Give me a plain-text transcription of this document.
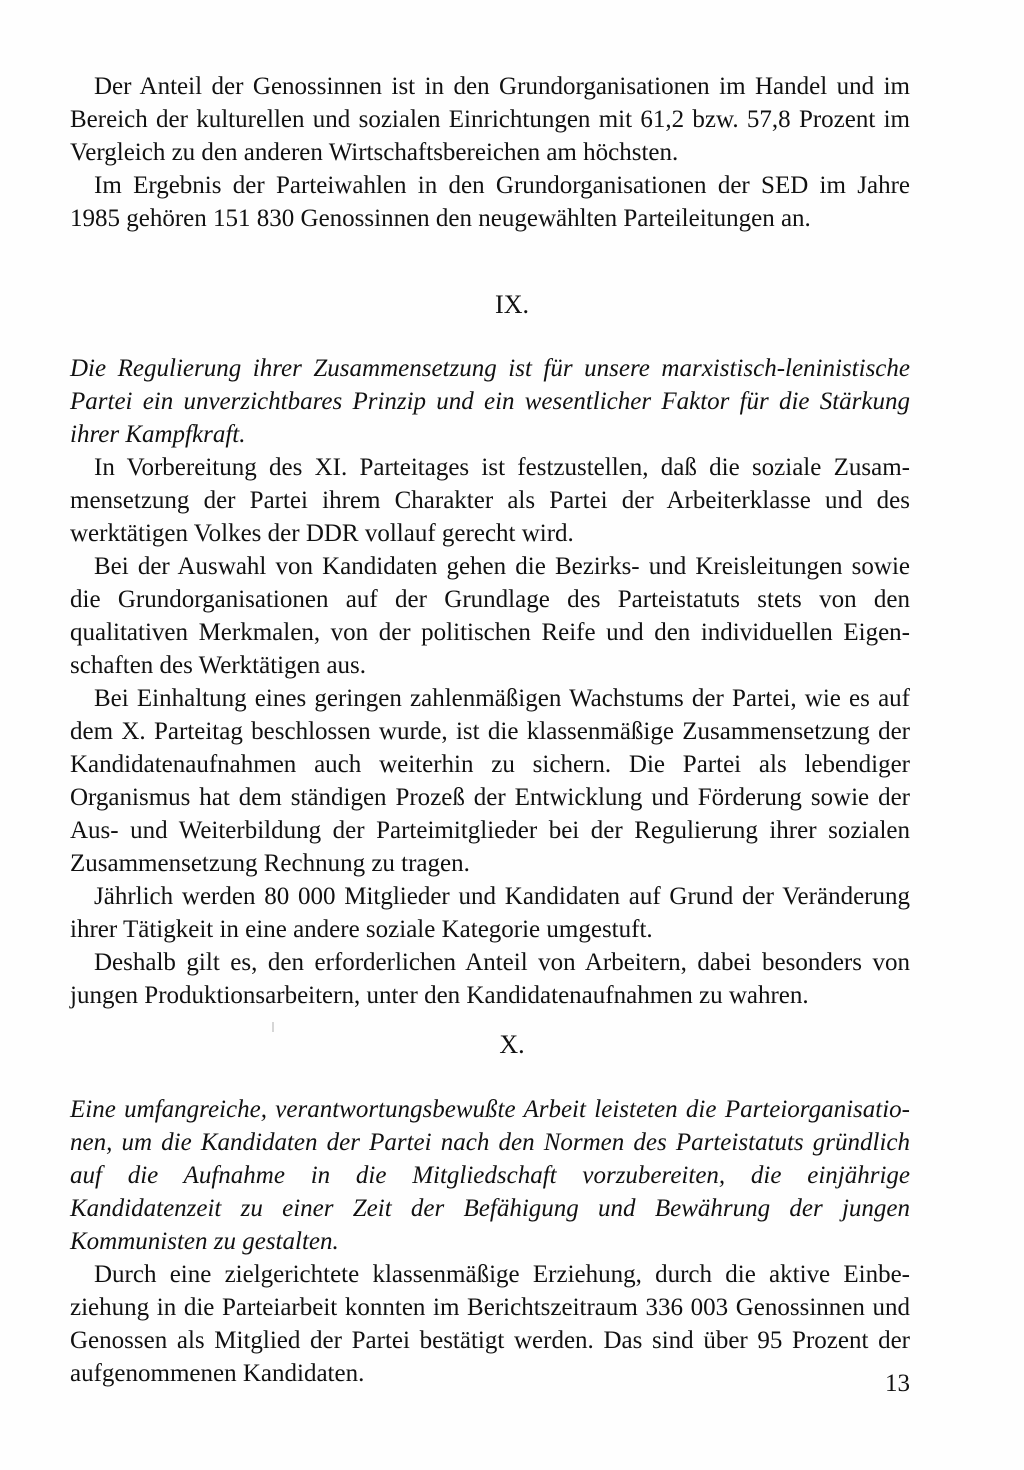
Der Anteil der Genossinnen ist in den Grundorganisationen im Handel und im Bereich der kulturellen und sozialen Einrichtungen mit 61,2 bzw. 57,8 Prozent im Vergleich zu den anderen Wirtschaftsbereichen am höchsten.

Im Ergebnis der Parteiwahlen in den Grundorganisationen der SED im Jahre 1985 gehören 151 830 Genossinnen den neugewählten Parteileitungen an.

IX.

Die Regulierung ihrer Zusammensetzung ist für unsere marxistisch-leninistische Partei ein unverzichtbares Prinzip und ein wesentlicher Faktor für die Stärkung ihrer Kampfkraft.

In Vorbereitung des XI. Parteitages ist festzustellen, daß die soziale Zusammensetzung der Partei ihrem Charakter als Partei der Arbeiterklasse und des werktätigen Volkes der DDR vollauf gerecht wird.

Bei der Auswahl von Kandidaten gehen die Bezirks- und Kreisleitungen sowie die Grundorganisationen auf der Grundlage des Parteistatuts stets von den qualitativen Merkmalen, von der politischen Reife und den individuellen Eigenschaften des Werktätigen aus.

Bei Einhaltung eines geringen zahlenmäßigen Wachstums der Partei, wie es auf dem X. Parteitag beschlossen wurde, ist die klassenmäßige Zusammensetzung der Kandidatenaufnahmen auch weiterhin zu sichern. Die Partei als lebendiger Organismus hat dem ständigen Prozeß der Entwicklung und Förderung sowie der Aus- und Weiterbildung der Parteimitglieder bei der Regulierung ihrer sozialen Zusammensetzung Rechnung zu tragen.

Jährlich werden 80 000 Mitglieder und Kandidaten auf Grund der Veränderung ihrer Tätigkeit in eine andere soziale Kategorie umgestuft.

Deshalb gilt es, den erforderlichen Anteil von Arbeitern, dabei besonders von jungen Produktionsarbeitern, unter den Kandidatenaufnahmen zu wahren.

X.

Eine umfangreiche, verantwortungsbewußte Arbeit leisteten die Parteiorganisationen, um die Kandidaten der Partei nach den Normen des Parteistatuts gründlich auf die Aufnahme in die Mitgliedschaft vorzubereiten, die einjährige Kandidatenzeit zu einer Zeit der Befähigung und Bewährung der jungen Kommunisten zu gestalten.

Durch eine zielgerichtete klassenmäßige Erziehung, durch die aktive Einbeziehung in die Parteiarbeit konnten im Berichtszeitraum 336 003 Genossinnen und Genossen als Mitglied der Partei bestätigt werden. Das sind über 95 Prozent der aufgenommenen Kandidaten.	13
